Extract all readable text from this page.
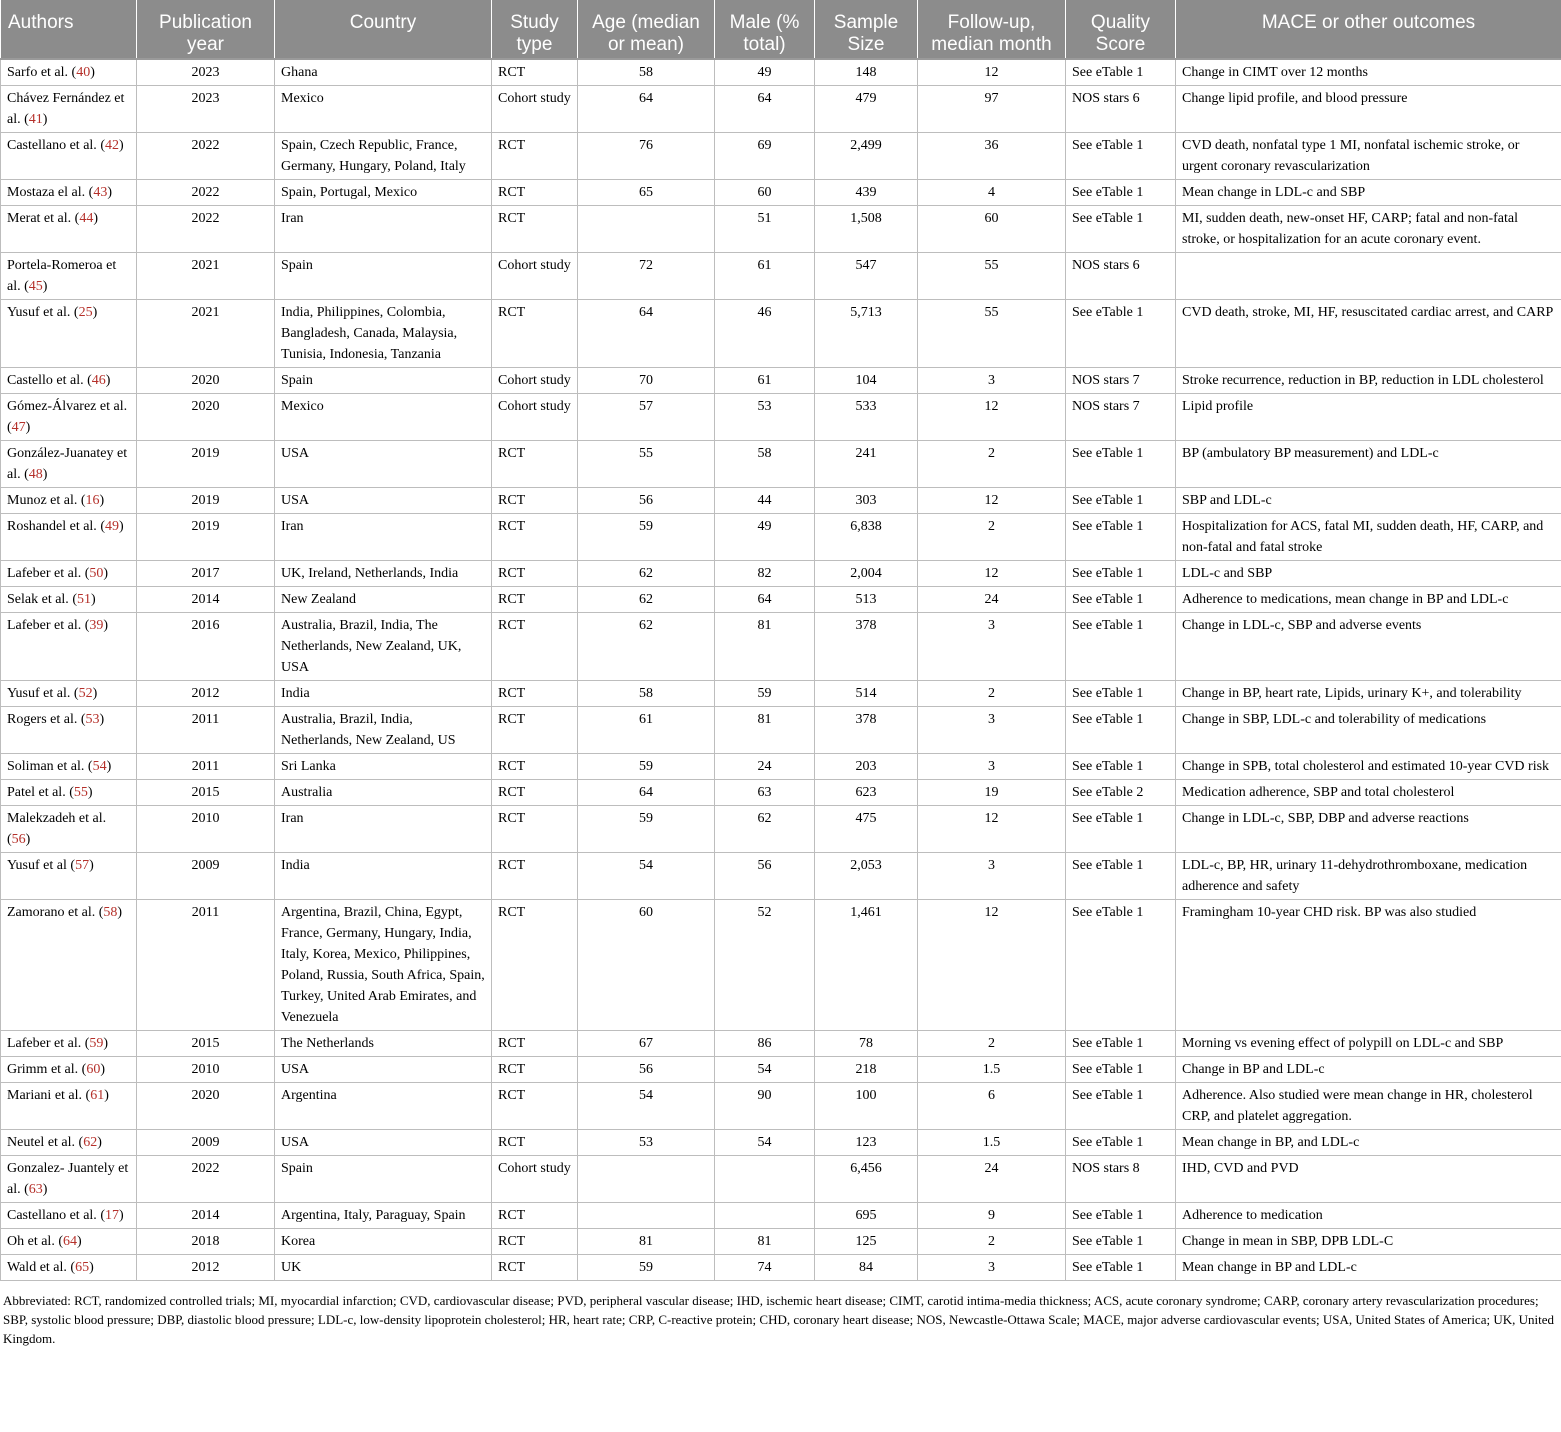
Authors	Publication year	Country	Study type	Age (median or mean)	Male (% total)	Sample Size	Follow-up, median month	Quality Score	MACE or other outcomes
Sarfo et al. (40)	2023	Ghana	RCT	58	49	148	12	See eTable 1	Change in CIMT over 12 months
Chávez Fernández et al. (41)	2023	Mexico	Cohort study	64	64	479	97	NOS stars 6	Change lipid profile, and blood pressure
Castellano et al. (42)	2022	Spain, Czech Republic, France, Germany, Hungary, Poland, Italy	RCT	76	69	2,499	36	See eTable 1	CVD death, nonfatal type 1 MI, nonfatal ischemic stroke, or urgent coronary revascularization
Mostaza el al. (43)	2022	Spain, Portugal, Mexico	RCT	65	60	439	4	See eTable 1	Mean change in LDL-c and SBP
Merat et al. (44)	2022	Iran	RCT		51	1,508	60	See eTable 1	MI, sudden death, new-onset HF, CARP; fatal and non-fatal stroke, or hospitalization for an acute coronary event.
Portela-Romeroa et al. (45)	2021	Spain	Cohort study	72	61	547	55	NOS stars 6	
Yusuf et al. (25)	2021	India, Philippines, Colombia, Bangladesh, Canada, Malaysia, Tunisia, Indonesia, Tanzania	RCT	64	46	5,713	55	See eTable 1	CVD death, stroke, MI, HF, resuscitated cardiac arrest, and CARP
Castello et al. (46)	2020	Spain	Cohort study	70	61	104	3	NOS stars 7	Stroke recurrence, reduction in BP, reduction in LDL cholesterol
Gómez-Álvarez et al. (47)	2020	Mexico	Cohort study	57	53	533	12	NOS stars 7	Lipid profile
González-Juanatey et al. (48)	2019	USA	RCT	55	58	241	2	See eTable 1	BP (ambulatory BP measurement) and LDL-c
Munoz et al. (16)	2019	USA	RCT	56	44	303	12	See eTable 1	SBP and LDL-c
Roshandel et al. (49)	2019	Iran	RCT	59	49	6,838	2	See eTable 1	Hospitalization for ACS, fatal MI, sudden death, HF, CARP, and non-fatal and fatal stroke
Lafeber et al. (50)	2017	UK, Ireland, Netherlands, India	RCT	62	82	2,004	12	See eTable 1	LDL-c and SBP
Selak et al. (51)	2014	New Zealand	RCT	62	64	513	24	See eTable 1	Adherence to medications, mean change in BP and LDL-c
Lafeber et al. (39)	2016	Australia, Brazil, India, The Netherlands, New Zealand, UK, USA	RCT	62	81	378	3	See eTable 1	Change in LDL-c, SBP and adverse events
Yusuf et al. (52)	2012	India	RCT	58	59	514	2	See eTable 1	Change in BP, heart rate, Lipids, urinary K+, and tolerability
Rogers et al. (53)	2011	Australia, Brazil, India, Netherlands, New Zealand, US	RCT	61	81	378	3	See eTable 1	Change in SBP, LDL-c and tolerability of medications
Soliman et al. (54)	2011	Sri Lanka	RCT	59	24	203	3	See eTable 1	Change in SPB, total cholesterol and estimated 10-year CVD risk
Patel et al. (55)	2015	Australia	RCT	64	63	623	19	See eTable 2	Medication adherence, SBP and total cholesterol
Malekzadeh et al. (56)	2010	Iran	RCT	59	62	475	12	See eTable 1	Change in LDL-c, SBP, DBP and adverse reactions
Yusuf et al (57)	2009	India	RCT	54	56	2,053	3	See eTable 1	LDL-c, BP, HR, urinary 11-dehydrothromboxane, medication adherence and safety
Zamorano et al. (58)	2011	Argentina, Brazil, China, Egypt, France, Germany, Hungary, India, Italy, Korea, Mexico, Philippines, Poland, Russia, South Africa, Spain, Turkey, United Arab Emirates, and Venezuela	RCT	60	52	1,461	12	See eTable 1	Framingham 10-year CHD risk. BP was also studied
Lafeber et al. (59)	2015	The Netherlands	RCT	67	86	78	2	See eTable 1	Morning vs evening effect of polypill on LDL-c and SBP
Grimm et al. (60)	2010	USA	RCT	56	54	218	1.5	See eTable 1	Change in BP and LDL-c
Mariani et al. (61)	2020	Argentina	RCT	54	90	100	6	See eTable 1	Adherence. Also studied were mean change in HR, cholesterol CRP, and platelet aggregation.
Neutel et al. (62)	2009	USA	RCT	53	54	123	1.5	See eTable 1	Mean change in BP, and LDL-c
Gonzalez- Juantely et al. (63)	2022	Spain	Cohort study			6,456	24	NOS stars 8	IHD, CVD and PVD
Castellano et al. (17)	2014	Argentina, Italy, Paraguay, Spain	RCT			695	9	See eTable 1	Adherence to medication
Oh et al. (64)	2018	Korea	RCT	81	81	125	2	See eTable 1	Change in mean in SBP, DPB LDL-C
Wald et al. (65)	2012	UK	RCT	59	74	84	3	See eTable 1	Mean change in BP and LDL-c
Abbreviated: RCT, randomized controlled trials; MI, myocardial infarction; CVD, cardiovascular disease; PVD, peripheral vascular disease; IHD, ischemic heart disease; CIMT, carotid intima-media thickness; ACS, acute coronary syndrome; CARP, coronary artery revascularization procedures; SBP, systolic blood pressure; DBP, diastolic blood pressure; LDL-c, low-density lipoprotein cholesterol; HR, heart rate; CRP, C-reactive protein; CHD, coronary heart disease; NOS, Newcastle-Ottawa Scale; MACE, major adverse cardiovascular events; USA, United States of America; UK, United Kingdom.
